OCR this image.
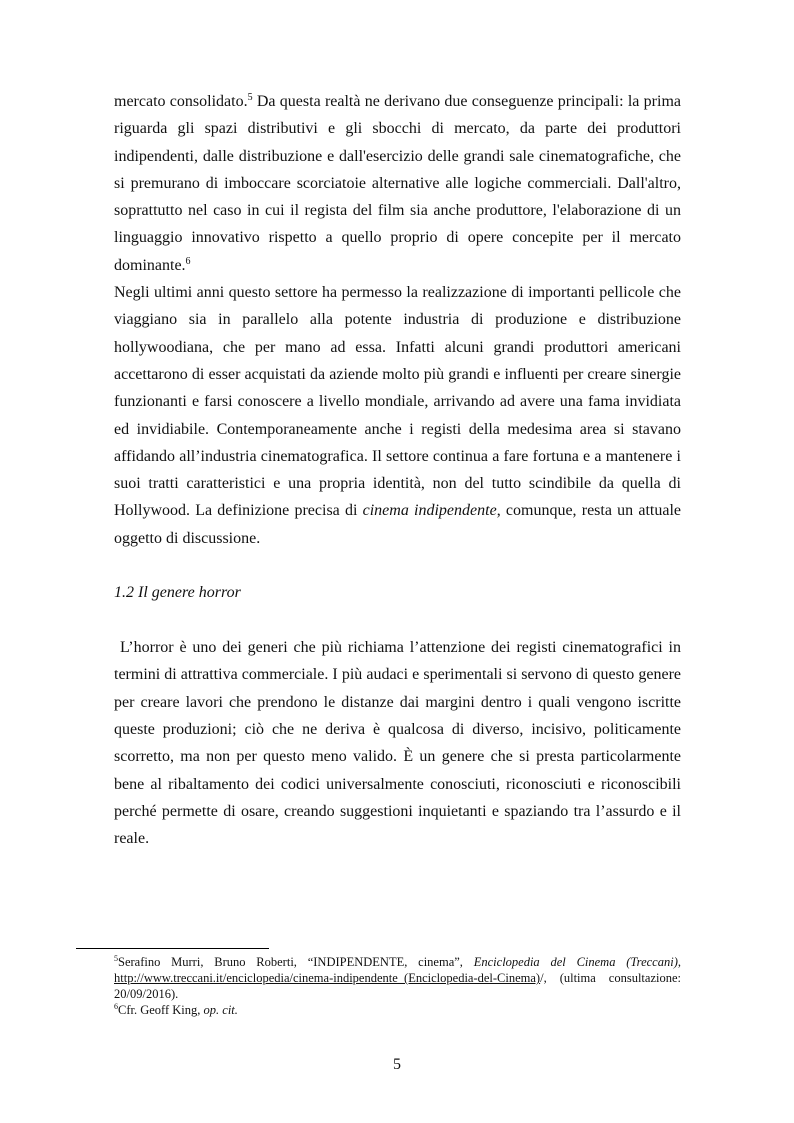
mercato consolidato.$^5$ Da questa realtà ne derivano due conseguenze principali: la prima riguarda gli spazi distributivi e gli sbocchi di mercato, da parte dei produttori indipendenti, dalle distribuzione e dall'esercizio delle grandi sale cinematografiche, che si premurano di imboccare scorciatoie alternative alle logiche commerciali. Dall'altro, soprattutto nel caso in cui il regista del film sia anche produttore, l'elaborazione di un linguaggio innovativo rispetto a quello proprio di opere concepite per il mercato dominante.$^6$

Negli ultimi anni questo settore ha permesso la realizzazione di importanti pellicole che viaggiano sia in parallelo alla potente industria di produzione e distribuzione hollywoodiana, che per mano ad essa. Infatti alcuni grandi produttori americani accettarono di esser acquistati da aziende molto più grandi e influenti per creare sinergie funzionanti e farsi conoscere a livello mondiale, arrivando ad avere una fama invidiata ed invidiabile. Contemporaneamente anche i registi della medesima area si stavano affidando all’industria cinematografica. Il settore continua a fare fortuna e a mantenere i suoi tratti caratteristici e una propria identità, non del tutto scindibile da quella di Hollywood. La definizione precisa di cinema indipendente, comunque, resta un attuale oggetto di discussione.

1.2 Il genere horror

L’horror è uno dei generi che più richiama l’attenzione dei registi cinematografici in termini di attrattiva commerciale. I più audaci e sperimentali si servono di questo genere per creare lavori che prendono le distanze dai margini dentro i quali vengono iscritte queste produzioni; ciò che ne deriva è qualcosa di diverso, incisivo, politicamente scorretto, ma non per questo meno valido. È un genere che si presta particolarmente bene al ribaltamento dei codici universalmente conosciuti, riconosciuti e riconoscibili perché permette di osare, creando suggestioni inquietanti e spaziando tra l’assurdo e il reale.

$^5$Serafino Murri, Bruno Roberti, “INDIPENDENTE, cinema”, Enciclopedia del Cinema (Treccani), http://www.treccani.it/enciclopedia/cinema-indipendente_(Enciclopedia-del-Cinema)/, (ultima consultazione: 20/09/2016).

$^6$Cfr. Geoff King, op. cit.

5
